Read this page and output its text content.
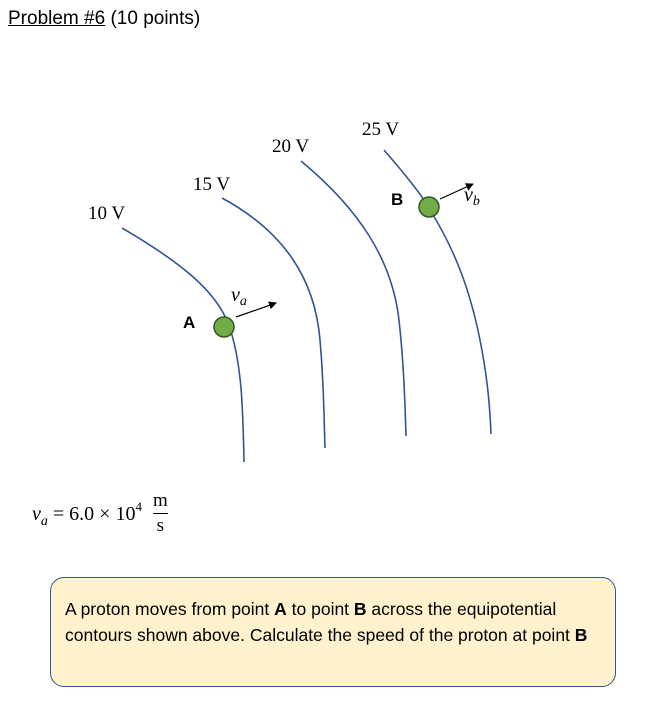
Problem #6 (10 points)
10 V
15 V
20 V
25 V
A
$v_a$
B	$v_b$
$v_a = 6.0 \times 10^4 \frac{m}{s}$
A proton moves from point A to point B across the equipotential contours shown above. Calculate the speed of the proton at point B
